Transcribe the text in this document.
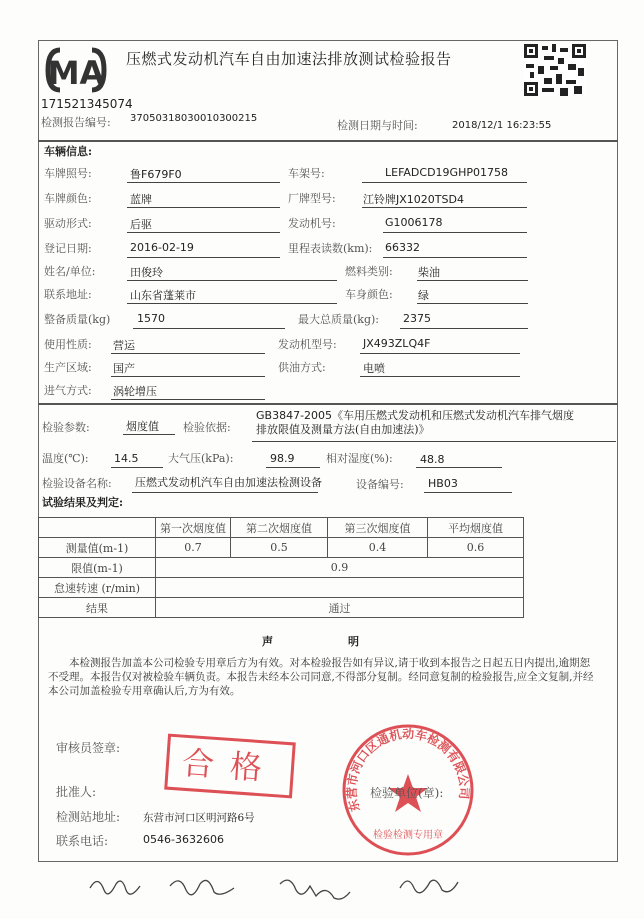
MA
171521345074
压燃式发动机汽车自由加速法排放测试检验报告
检测报告编号: 37050318030010300215
检测日期与时间:	2018/12/1 16:23:55
车辆信息:
车牌照号:	鲁F679F0	车架号:	LEFADCD19GHP01758
车牌颜色:	蓝牌	厂牌型号: 江铃牌JX1020TSD4
驱动形式:	后驱	发动机号:	G1006178
登记日期:	2016-02-19	里程表读数(km): 66332
姓名/单位:	田俊玲	燃料类别: 柴油
联系地址:	山东省蓬莱市	车身颜色: 绿
整备质量(kg) 1570	最大总质量(kg): 2375
使用性质: 营运	发动机型号: JX493ZLQ4F
生产区域: 国产	供油方式:	电喷
进气方式: 涡轮增压
检验参数:	烟度值 检验依据:
GB3847-2005《车用压燃式发动机和压燃式发动机汽车排气烟度
排放限值及测量方法(自由加速法)》
温度(℃): 14.5	大气压(kPa):	98.9	相对湿度(%): 48.8
检验设备名称: 压燃式发动机汽车自由加速法检测设备	设备编号: HB03
试验结果及判定:
	第一次烟度值	第二次烟度值	第三次烟度值	平均烟度值
测量值(m-1)	0.7	0.5	0.4	0.6
限值(m-1)	0.9			
怠速转速 (r/min)				
结果	通过			
声	明
本检测报告加盖本公司检验专用章后方为有效。对本检验报告如有异议,请于收到本报告之日起五日内提出,逾期恕不受理。本报告仅对被检验车辆负责。本报告未经本公司同意,不得部分复制。经同意复制的检验报告,应全文复制,并经本公司加盖检验专用章确认后,方为有效。
审核员签章:
批准人:
检测站地址: 东营市河口区明河路6号
联系电话:	0546-3632606
合格
检验单位(章):
东营市河口区通机动车检测有限公司
检验检测专用章
